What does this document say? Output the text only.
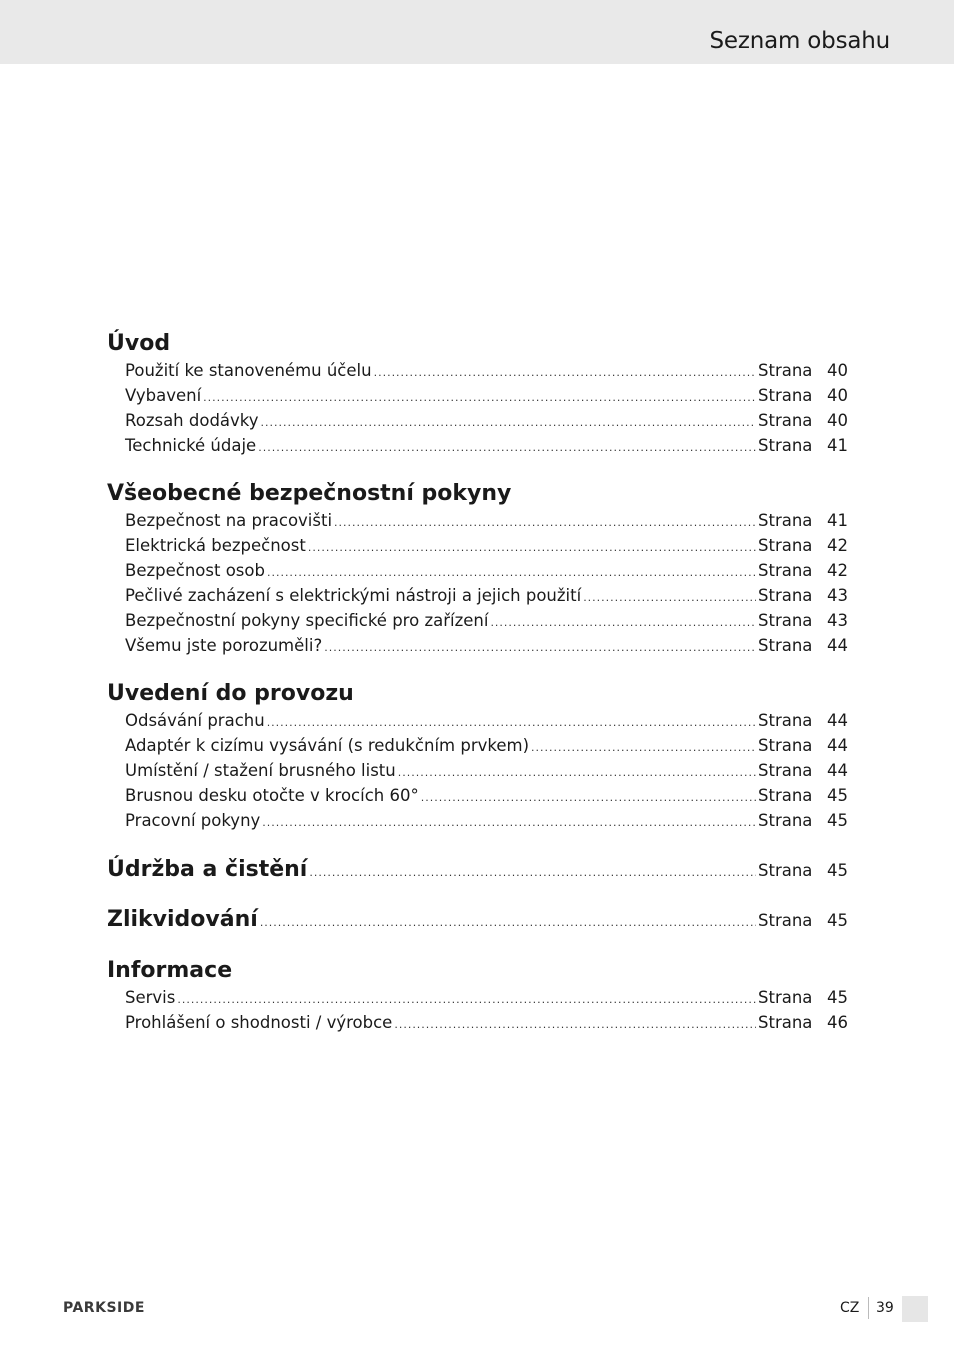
Seznam obsahu
Úvod
Použití ke stanovenému účelu .....	Strana 40
Vybavení .....	Strana 40
Rozsah dodávky .....	Strana 40
Technické údaje .....	Strana 41
Všeobecné bezpečnostní pokyny
Bezpečnost na pracovišti .....	Strana 41
Elektrická bezpečnost .....	Strana 42
Bezpečnost osob .....	Strana 42
Pečlivé zacházení s elektrickými nástroji a jejich použití .....	Strana 43
Bezpečnostní pokyny specifické pro zařízení .....	Strana 43
Všemu jste porozuměli? .....	Strana 44
Uvedení do provozu
Odsávání prachu .....	Strana 44
Adaptér k cizímu vysávání (s redukčním prvkem) .....	Strana 44
Umístění / stažení brusného listu .....	Strana 44
Brusnou desku otočte v krocích 60° .....	Strana 45
Pracovní pokyny .....	Strana 45
Údržba a čistění .....	Strana 45
Zlikvidování .....	Strana 45
Informace
Servis .....	Strana 45
Prohlášení o shodnosti / výrobce .....	Strana 46
PARKSIDE	CZ 39
